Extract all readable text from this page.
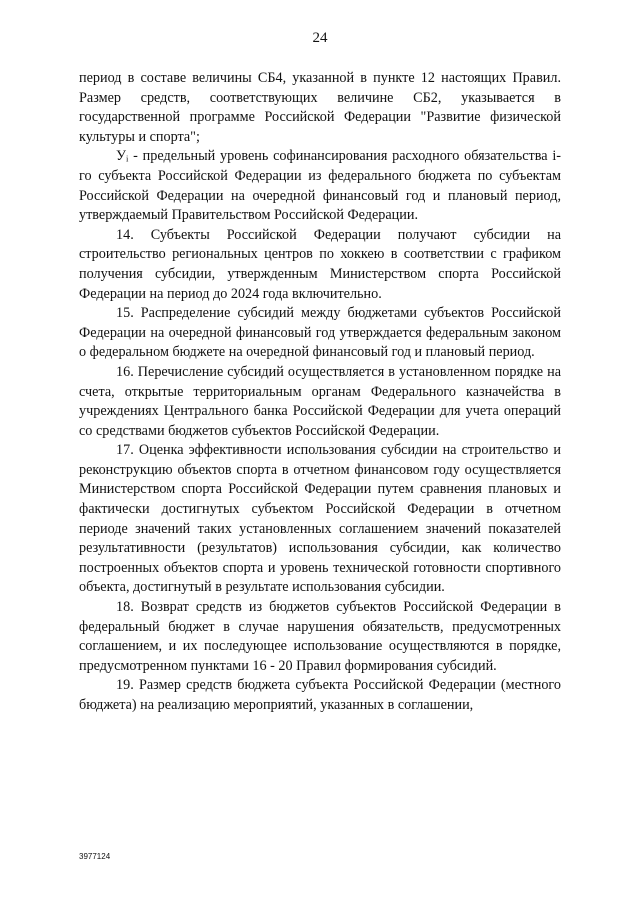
24

период в составе величины СБ4, указанной в пункте 12 настоящих Правил. Размер средств, соответствующих величине СБ2, указывается в государственной программе Российской Федерации "Развитие физической культуры и спорта";

Уᵢ - предельный уровень софинансирования расходного обязательства i-го субъекта Российской Федерации из федерального бюджета по субъектам Российской Федерации на очередной финансовый год и плановый период, утверждаемый Правительством Российской Федерации.

14. Субъекты Российской Федерации получают субсидии на строительство региональных центров по хоккею в соответствии с графиком получения субсидии, утвержденным Министерством спорта Российской Федерации на период до 2024 года включительно.

15. Распределение субсидий между бюджетами субъектов Российской Федерации на очередной финансовый год утверждается федеральным законом о федеральном бюджете на очередной финансовый год и плановый период.

16. Перечисление субсидий осуществляется в установленном порядке на счета, открытые территориальным органам Федерального казначейства в учреждениях Центрального банка Российской Федерации для учета операций со средствами бюджетов субъектов Российской Федерации.

17. Оценка эффективности использования субсидии на строительство и реконструкцию объектов спорта в отчетном финансовом году осуществляется Министерством спорта Российской Федерации путем сравнения плановых и фактически достигнутых субъектом Российской Федерации в отчетном периоде значений таких установленных соглашением значений показателей результативности (результатов) использования субсидии, как количество построенных объектов спорта и уровень технической готовности спортивного объекта, достигнутый в результате использования субсидии.

18. Возврат средств из бюджетов субъектов Российской Федерации в федеральный бюджет в случае нарушения обязательств, предусмотренных соглашением, и их последующее использование осуществляются в порядке, предусмотренном пунктами 16 - 20 Правил формирования субсидий.

19. Размер средств бюджета субъекта Российской Федерации (местного бюджета) на реализацию мероприятий, указанных в соглашении,

3977124
